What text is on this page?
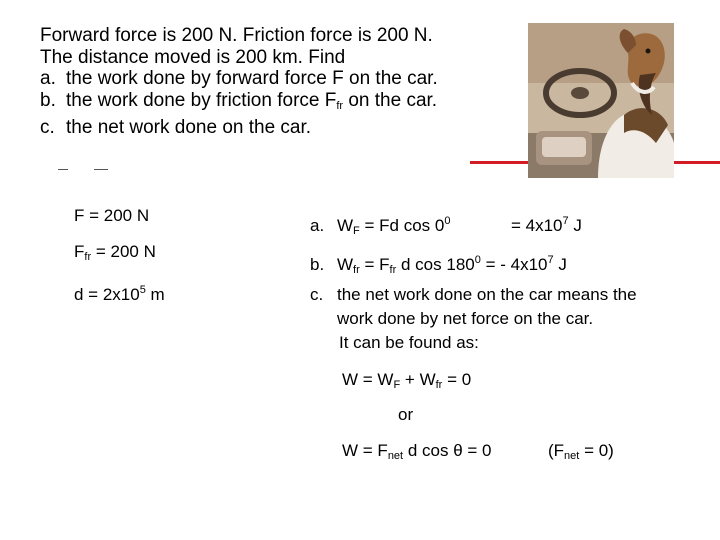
Forward force is 200 N. Friction force is 200 N.
The distance moved is 200 km. Find
a. the work done by forward force F on the car.
b. the work done by friction force $F_{fr}$ on the car.
c. the net work done on the car.
F = 200 N
$F_{fr} = 200$ N
$d = 2x10^5$ m
a. $W_F = Fd$ $\cos 0^0$	= $4x10^7$ J
b. $W_{fr} = F_{fr}$ d $\cos 180^0$ = - $4x10^7$ J
c. the net work done on the car means the
work done by net force on the car.
It can be found as:
$W = W_F + W_{fr} = 0$
or
$W = F_{net}$ d cos θ = 0	$(F_{net} = 0)$
